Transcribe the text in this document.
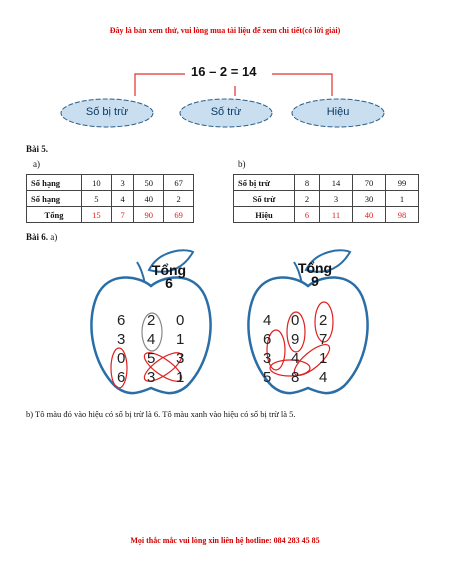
Đây là bản xem thử, vui lòng mua tài liệu để xem chi tiết(có lời giải)
16 – 2 = 14
Số bị trừ	Số trừ	Hiệu
Bài 5.
a)	b)
Số hạng	10	3	50	67
Số hạng	5	4	40	2
Tổng	15	7	90	69
Số bị trừ	8	14	70	99
Số trừ	2	3	30	1
Hiệu	6	11	40	98
Bài 6. a)
Tổng
6
6 2 0
3 4 1
0 5 3
6 3 1
Tổng
9
4 0 2
6 9 7
3 4 1
5 8 4
b) Tô màu đỏ vào hiệu có số bị trừ là 6. Tô màu xanh vào hiệu có số bị trừ là 5.
Mọi thắc mắc vui lòng xin liên hệ hotline: 084 283 45 85
